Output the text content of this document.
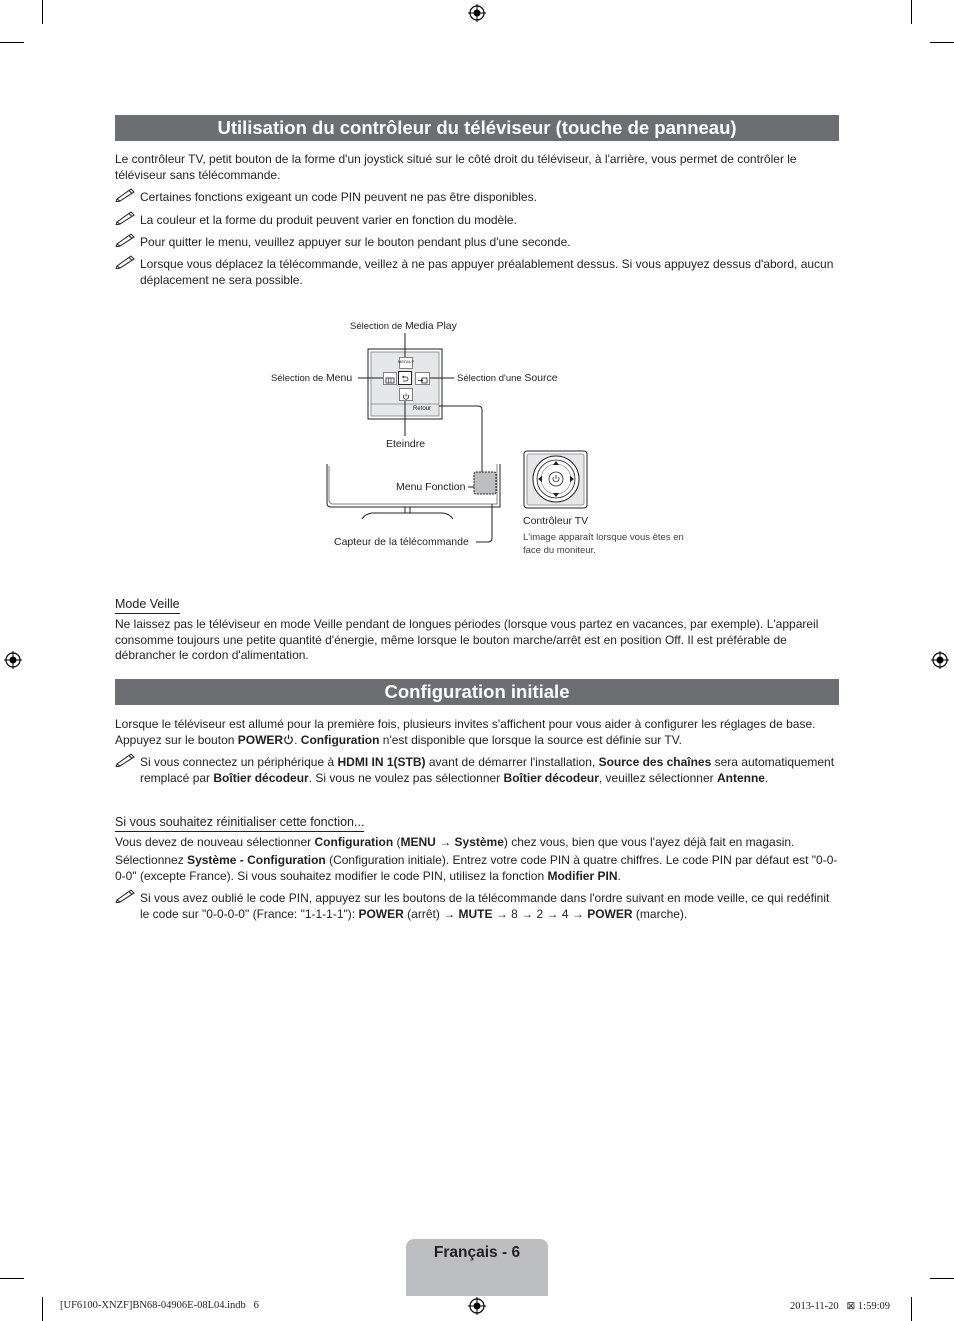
Utilisation du contrôleur du téléviseur (touche de panneau)
Le contrôleur TV, petit bouton de la forme d'un joystick situé sur le côté droit du téléviseur, à l'arrière, vous permet de contrôler le téléviseur sans télécommande.
Certaines fonctions exigeant un code PIN peuvent ne pas être disponibles.
La couleur et la forme du produit peuvent varier en fonction du modèle.
Pour quitter le menu, veuillez appuyer sur le bouton pendant plus d'une seconde.
Lorsque vous déplacez la télécommande, veillez à ne pas appuyer préalablement dessus. Si vous appuyez dessus d'abord, aucun déplacement ne sera possible.
MEDIA P
Retour
Sélection de Media Play
Sélection de Menu	Sélection d'une Source
Eteindre
Menu Fonction
Contrôleur TV
L'image apparaît lorsque vous êtes en face du moniteur.
Capteur de la télécommande
Mode Veille
Ne laissez pas le téléviseur en mode Veille pendant de longues périodes (lorsque vous partez en vacances, par exemple). L'appareil consomme toujours une petite quantité d'énergie, même lorsque le bouton marche/arrêt est en position Off. Il est préférable de débrancher le cordon d'alimentation.
Configuration initiale
Lorsque le téléviseur est allumé pour la première fois, plusieurs invites s'affichent pour vous aider à configurer les réglages de base.
Appuyez sur le bouton POWER . Configuration n'est disponible que lorsque la source est définie sur TV.
Si vous connectez un périphérique à HDMI IN 1(STB) avant de démarrer l'installation, Source des chaînes sera automatiquement remplacé par Boîtier décodeur. Si vous ne voulez pas sélectionner Boîtier décodeur, veuillez sélectionner Antenne.
Si vous souhaitez réinitialiser cette fonction...
Vous devez de nouveau sélectionner Configuration (MENU → Système) chez vous, bien que vous l'ayez déjà fait en magasin.
Sélectionnez Système - Configuration (Configuration initiale). Entrez votre code PIN à quatre chiffres. Le code PIN par défaut est "0-0-0-0" (excepte France). Si vous souhaitez modifier le code PIN, utilisez la fonction Modifier PIN.
Si vous avez oublié le code PIN, appuyez sur les boutons de la télécommande dans l'ordre suivant en mode veille, ce qui redéfinit le code sur "0-0-0-0" (France: "1-1-1-1"): POWER (arrêt) → MUTE → 8 → 2 → 4 → POWER (marche).
Français - 6
[UF6100-XNZF]BN68-04906E-08L04.indb   6	2013-11-20   ⊠ 1:59:09
